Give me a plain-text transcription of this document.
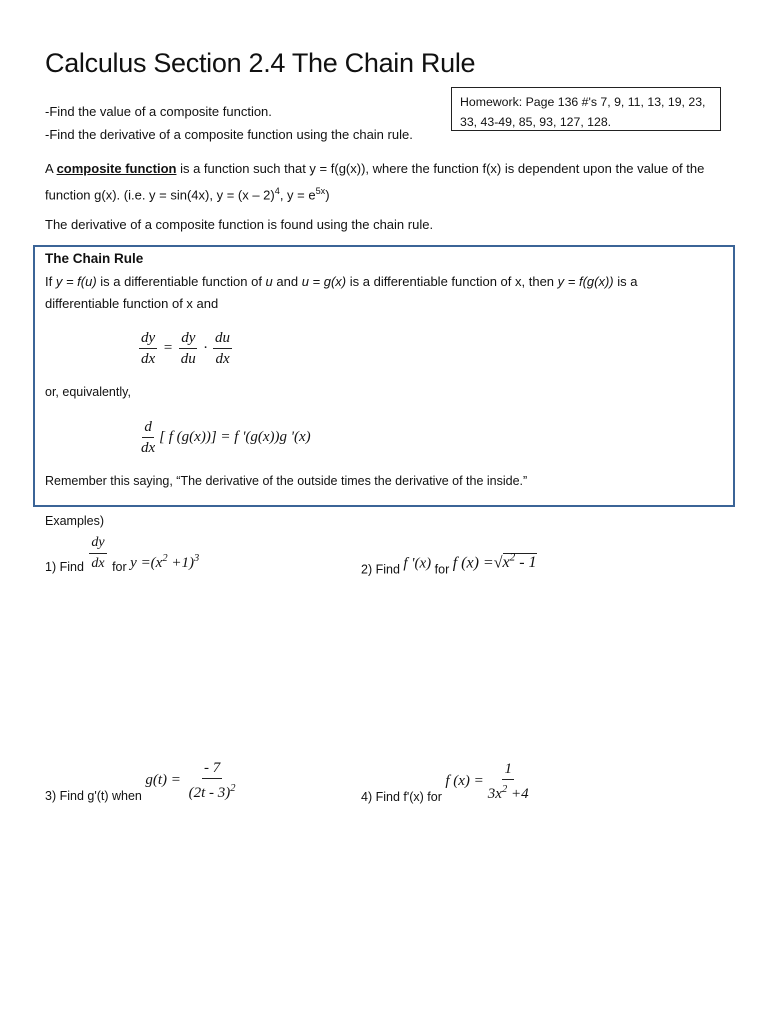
Calculus Section 2.4 The Chain Rule
-Find the value of a composite function.
-Find the derivative of a composite function using the chain rule.
Homework: Page 136 #'s 7, 9, 11, 13, 19, 23, 33, 43-49, 85, 93, 127, 128.
A composite function is a function such that y = f(g(x)), where the function f(x) is dependent upon the value of the function g(x). (i.e. y = sin(4x), y = (x – 2)$^4$, $y = e^{5x}$)
The derivative of a composite function is found using the chain rule.
The Chain Rule
If y = f(u) is a differentiable function of u and u = g(x) is a differentiable function of x, then y = f(g(x)) is a differentiable function of x and
$\frac{dy}{dx} = \frac{dy}{du} \cdot \frac{du}{dx}$
or, equivalently,
$\frac{d}{dx}$ [ f (g(x))] = f '(g(x))g '(x)
Remember this saying, “The derivative of the outside times the derivative of the inside.”
Examples)
1) Find $\frac{dy}{dx}$ for $y =(x^2 +1)^3$
2) Find f '(x) for f $(x) =√x^2 - 1$
3) Find g'(t) when $g(t) = \frac{- 7}{(2t - 3)^2}$	4) Find f'(x) for f $(x) = \frac{1}{3x^2 +4}$
